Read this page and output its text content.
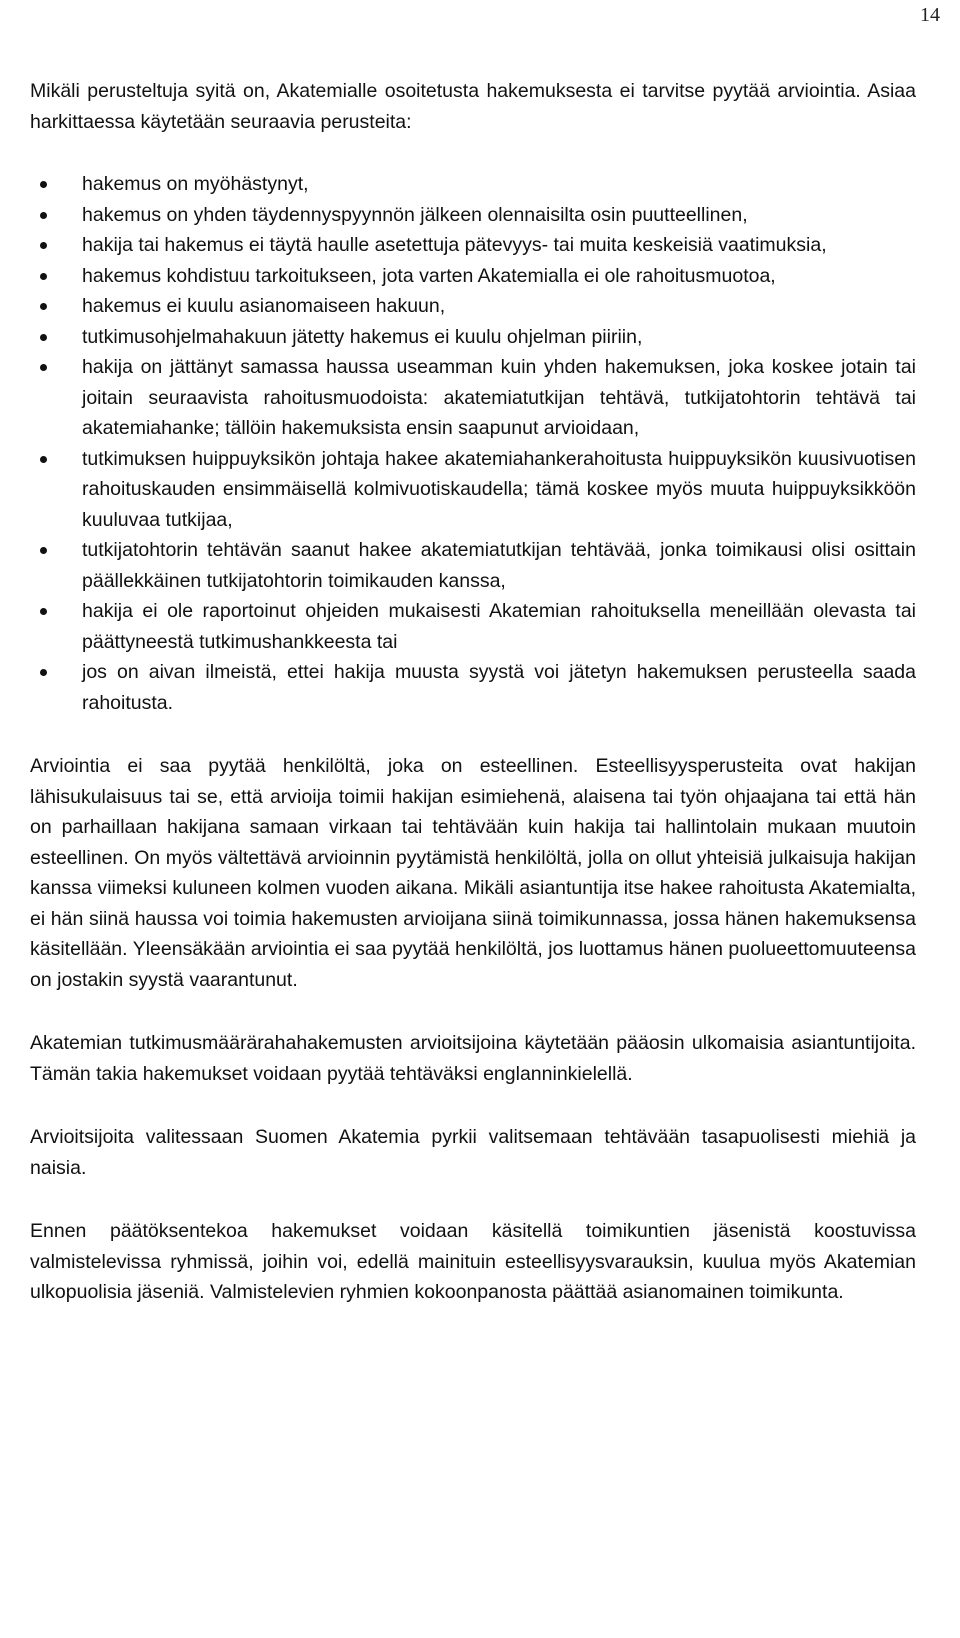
14

Mikäli perusteltuja syitä on, Akatemialle osoitetusta hakemuksesta ei tarvitse pyytää arviointia. Asiaa harkittaessa käytetään seuraavia perusteita:

hakemus on myöhästynyt,
hakemus on yhden täydennyspyynnön jälkeen olennaisilta osin puutteellinen,
hakija tai hakemus ei täytä haulle asetettuja pätevyys- tai muita keskeisiä vaatimuksia,
hakemus kohdistuu tarkoitukseen, jota varten Akatemialla ei ole rahoitusmuotoa,
hakemus ei kuulu asianomaiseen hakuun,
tutkimusohjelmahakuun jätetty hakemus ei kuulu ohjelman piiriin,
hakija on jättänyt samassa haussa useamman kuin yhden hakemuksen, joka koskee jotain tai joitain seuraavista rahoitusmuodoista: akatemiatutkijan tehtävä, tutkijatohtorin tehtävä tai akatemiahanke; tällöin hakemuksista ensin saapunut arvioidaan,
tutkimuksen huippuyksikön johtaja hakee akatemiahankerahoitusta huippuyksikön kuusivuotisen rahoituskauden ensimmäisellä kolmivuotiskaudella; tämä koskee myös muuta huippuyksikköön kuuluvaa tutkijaa,
tutkijatohtorin tehtävän saanut hakee akatemiatutkijan tehtävää, jonka toimikausi olisi osittain päällekkäinen tutkijatohtorin toimikauden kanssa,
hakija ei ole raportoinut ohjeiden mukaisesti Akatemian rahoituksella meneillään olevasta tai päättyneestä tutkimushankkeesta tai
jos on aivan ilmeistä, ettei hakija muusta syystä voi jätetyn hakemuksen perusteella saada rahoitusta.

Arviointia ei saa pyytää henkilöltä, joka on esteellinen. Esteellisyysperusteita ovat hakijan lähisukulaisuus tai se, että arvioija toimii hakijan esimiehenä, alaisena tai työn ohjaajana tai että hän on parhaillaan hakijana samaan virkaan tai tehtävään kuin hakija tai hallintolain mukaan muutoin esteellinen. On myös vältettävä arvioinnin pyytämistä henkilöltä, jolla on ollut yhteisiä julkaisuja hakijan kanssa viimeksi kuluneen kolmen vuoden aikana. Mikäli asiantuntija itse hakee rahoitusta Akatemialta, ei hän siinä haussa voi toimia hakemusten arvioijana siinä toimikunnassa, jossa hänen hakemuksensa käsitellään. Yleensäkään arviointia ei saa pyytää henkilöltä, jos luottamus hänen puolueettomuuteensa on jostakin syystä vaarantunut.

Akatemian tutkimusmäärärahahakemusten arvioitsijoina käytetään pääosin ulkomaisia asiantuntijoita. Tämän takia hakemukset voidaan pyytää tehtäväksi englanninkielellä.

Arvioitsijoita valitessaan Suomen Akatemia pyrkii valitsemaan tehtävään tasapuolisesti miehiä ja naisia.

Ennen päätöksentekoa hakemukset voidaan käsitellä toimikuntien jäsenistä koostuvissa valmistelevissa ryhmissä, joihin voi, edellä mainituin esteellisyysvarauksin, kuulua myös Akatemian ulkopuolisia jäseniä. Valmistelevien ryhmien kokoonpanosta päättää asianomainen toimikunta.
